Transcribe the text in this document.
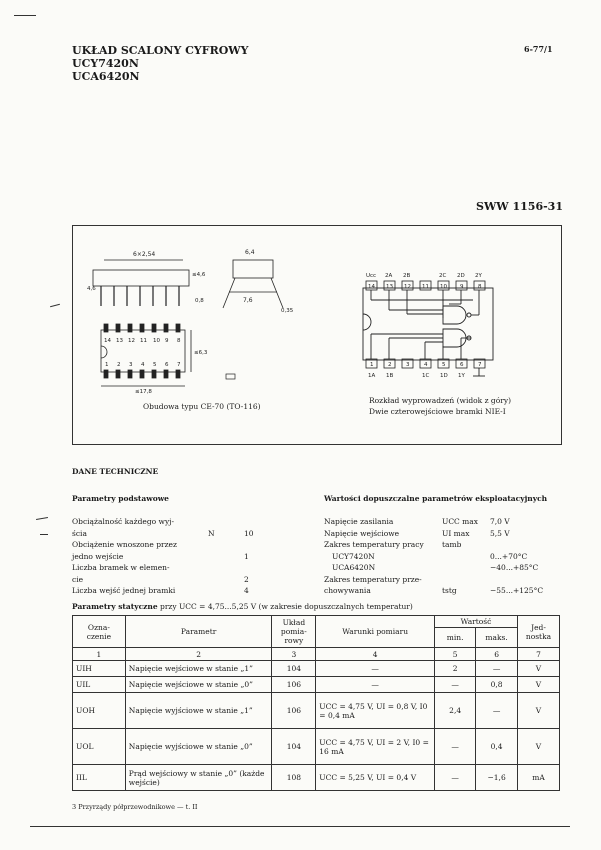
UKŁAD SCALONY CYFROWY
UCY7420N
UCA6420N
6-77/1
SWW 1156-31
6×2,54
≤4,6
4,6
0,8
6,4
7,6
0,35
14 13 12 11 10 9 8
1 2 3 4 5 6 7
≤17,8
≤6,3
14 13 12 11 10 9	8
Ucc 2A 2B	2C 2D 2Y
1	2	3	4	5	6	7
1A 1B	1C 1D 1Y
Obudowa typu CE-70 (TO-116)
Rozkład wyprowadzeń (widok z góry)
Dwie czterowejściowe bramki NIE-I
DANE TECHNICZNE
Parametry podstawowe	Wartości dopuszczalne parametrów eksploatacyjnych
Obciążalność każdego wyj-
ścia	N	10
Obciążenie wnoszone przez
jedno wejście	1
Liczba bramek w elemen-
cie	2
Liczba wejść jednej bramki	4
Napięcie zasilania	UCC max 7,0 V
Napięcie wejściowe	UI max	5,5 V
Zakres temperatury pracy tamb
UCY7420N	0...+70°C
UCA6420N	−40...+85°C
Zakres temperatury prze-
chowywania	tstg	−55...+125°C
Parametry statyczne przy UCC = 4,75...5,25 V (w zakresie dopuszczalnych temperatur)
Ozna-czenie	Parametr	Układ pomia-rowy	Warunki pomiaru	Wartość		Jed-nostka
				min.	maks.	
1	2	3	4	5	6	7
UIH	Napięcie wejściowe w stanie „1”	104	—	2	—	V
UIL	Napięcie wejściowe w stanie „0”	106	—	—	0,8	V
UOH	Napięcie wyjściowe w stanie „1”	106	UCC = 4,75 V, UI = 0,8 V, I0 = 0,4 mA	2,4	—	V
UOL	Napięcie wyjściowe w stanie „0”	104	UCC = 4,75 V, UI = 2 V, I0 = 16 mA	—	0,4	V
IIL	Prąd wejściowy w stanie „0” (każde wejście)	108	UCC = 5,25 V, UI = 0,4 V	—	−1,6	mA
3 Przyrządy półprzewodnikowe — t. II
